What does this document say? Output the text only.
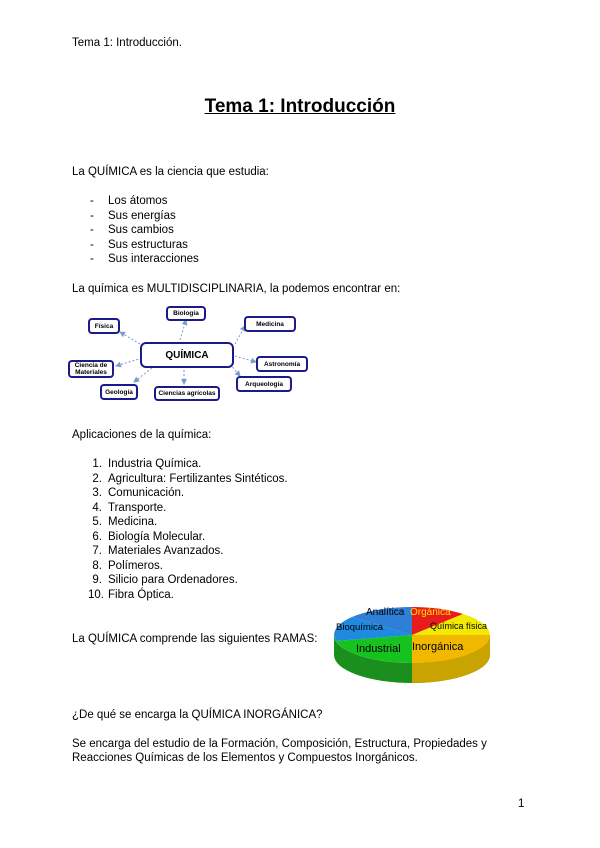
Tema 1: Introducción.
Tema 1: Introducción
La QUÍMICA es la ciencia que estudia:
- Los átomos
- Sus energías
- Sus cambios
- Sus estructuras
- Sus interacciones
La química es MULTIDISCIPLINARIA, la podemos encontrar en:
QUÍMICA
Física
Biología
Medicina
Astronomía
Arqueología
Ciencias agrícolas
Geología
Ciencia de Materiales
Aplicaciones de la química:
1. Industria Química.
2. Agricultura: Fertilizantes Sintéticos.
3. Comunicación.
4. Transporte.
5. Medicina.
6. Biología Molecular.
7. Materiales Avanzados.
8. Polímeros.
9. Silicio para Ordenadores.
10. Fibra Óptica.
La QUÍMICA comprende las siguientes RAMAS:
Analítica Orgánica
Bioquímica	Química física
Industrial Inorgánica
¿De qué se encarga la QUÍMICA INORGÁNICA?
Se encarga del estudio de la Formación, Composición, Estructura, Propiedades y
Reacciones Químicas de los Elementos y Compuestos Inorgánicos.
1
